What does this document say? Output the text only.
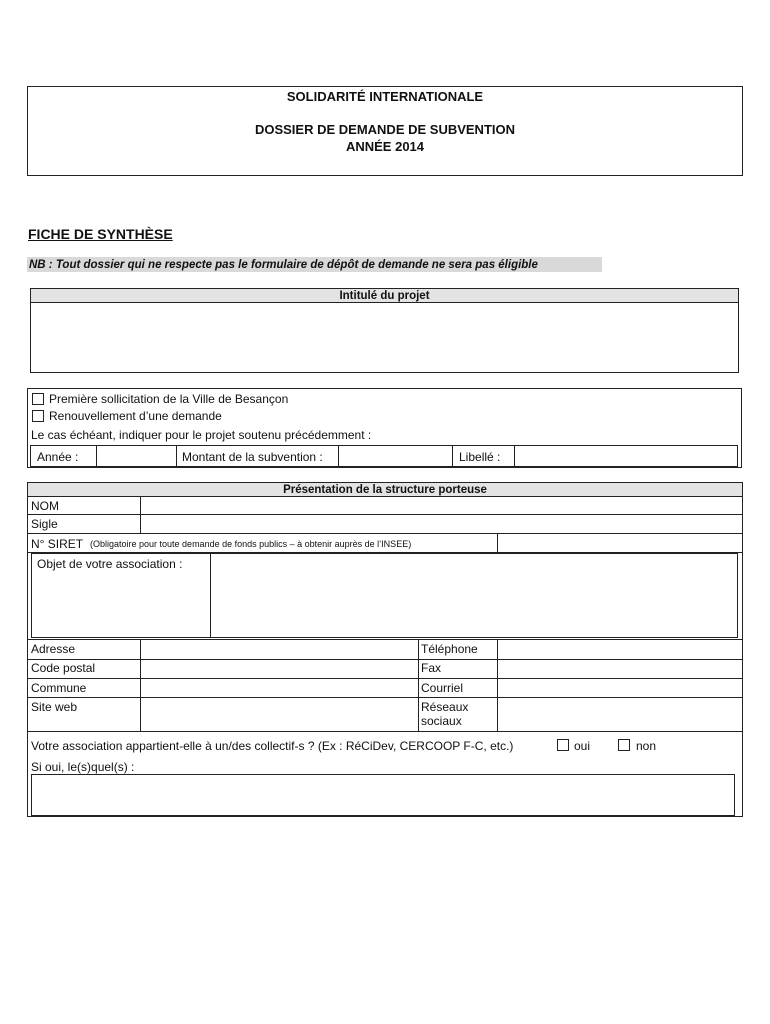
SOLIDARITÉ INTERNATIONALE
DOSSIER DE DEMANDE DE SUBVENTION
ANNÉE 2014
FICHE DE SYNTHÈSE
NB : Tout dossier qui ne respecte pas le formulaire de dépôt de demande ne sera pas éligible
Intitulé du projet
Première sollicitation de la Ville de Besançon
Renouvellement d’une demande
Le cas échéant, indiquer pour le projet soutenu précédemment :
Année :	Montant de la subvention :	Libellé :
Présentation de la structure porteuse
NOM
Sigle
N° SIRET (Obligatoire pour toute demande de fonds publics – à obtenir auprès de l’INSEE)
Objet de votre association :
Adresse	Téléphone
Code postal	Fax
Commune	Courriel
Site web	Réseaux
sociaux
Votre association appartient-elle à un/des collectif-s ? (Ex : RéCiDev, CERCOOP F-C, etc.)	oui	non
Si oui, le(s)quel(s) :
